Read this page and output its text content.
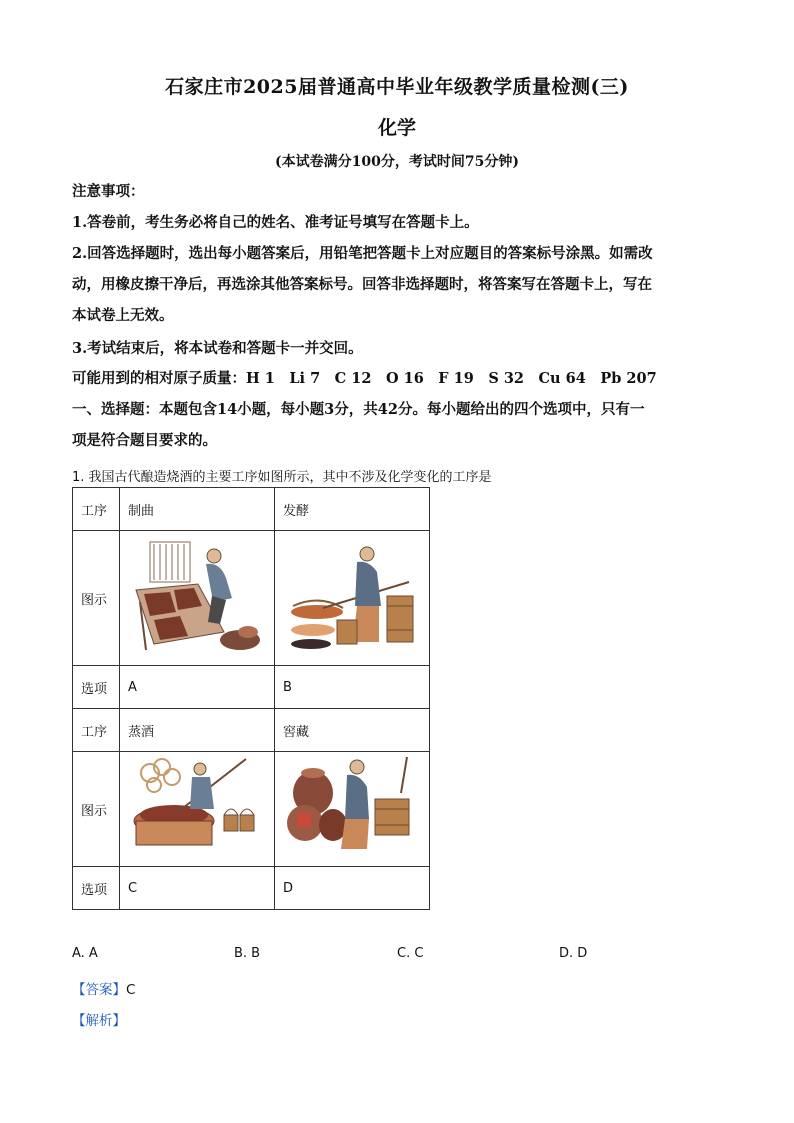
石家庄市2025届普通高中毕业年级教学质量检测(三)
化学
(本试卷满分100分，考试时间75分钟)
注意事项：
1.答卷前，考生务必将自己的姓名、准考证号填写在答题卡上。
2.回答选择题时，选出每小题答案后，用铅笔把答题卡上对应题目的答案标号涂黑。如需改
动，用橡皮擦干净后，再选涂其他答案标号。回答非选择题时，将答案写在答题卡上，写在
本试卷上无效。
3.考试结束后，将本试卷和答题卡一并交回。
可能用到的相对原子质量：H 1　Li 7　C 12　O 16　F 19　S 32　Cu 64　Pb 207
一、选择题：本题包含14小题，每小题3分，共42分。每小题给出的四个选项中，只有一
项是符合题目要求的。
1. 我国古代酿造烧酒的主要工序如图所示，其中不涉及化学变化的工序是
工序	制曲	发酵
图示		
选项	A	B
工序	蒸酒	窖藏
图示		
选项	C	D
A. A	B. B	C. C	D. D
【答案】C
【解析】
